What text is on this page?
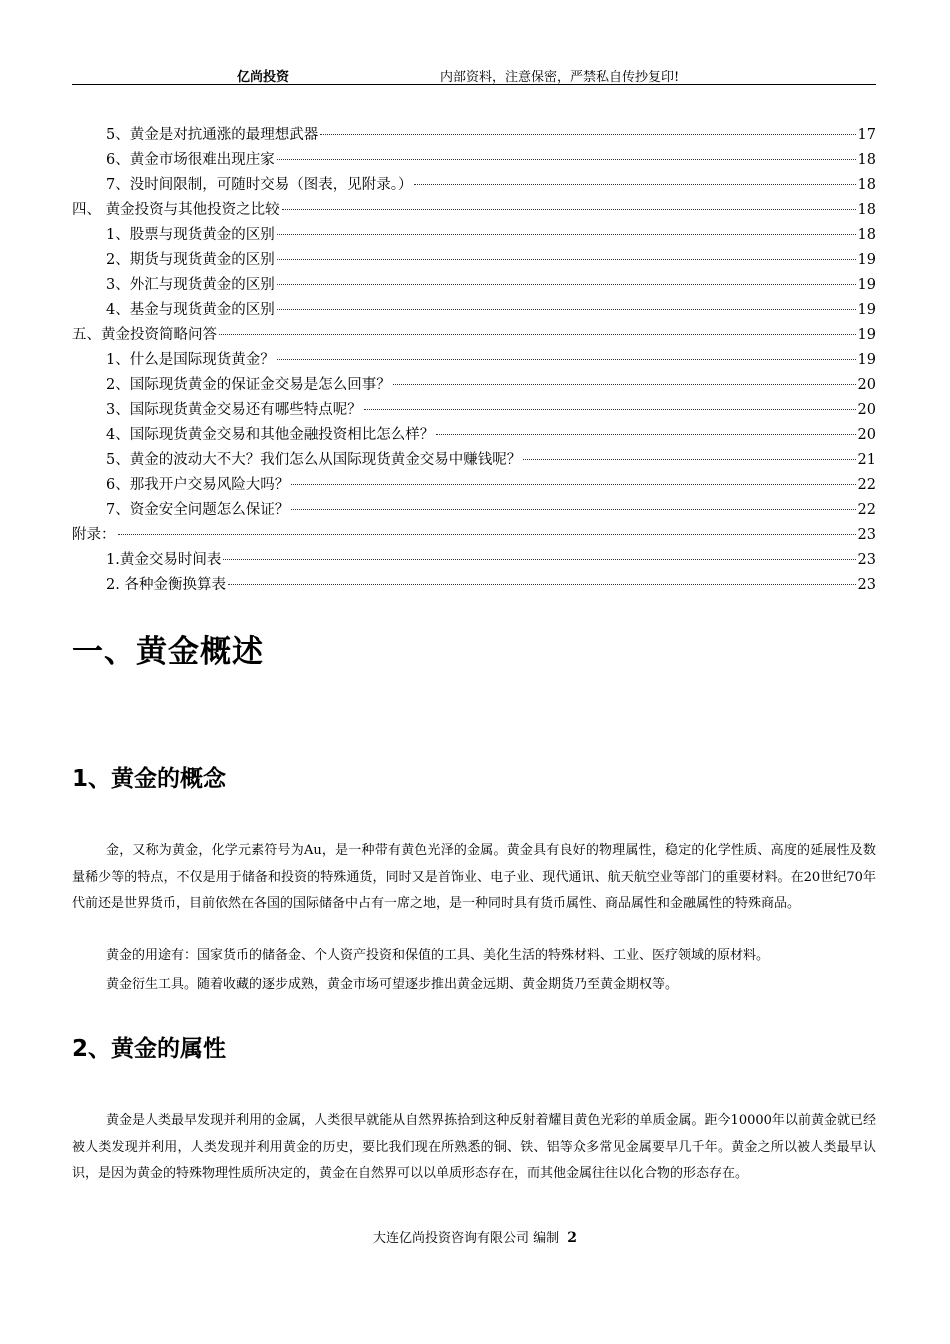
亿尚投资	内部资料，注意保密，严禁私自传抄复印!
5、黄金是对抗通涨的最理想武器	17
6、黄金市场很难出现庄家	18
7、没时间限制，可随时交易（图表，见附录。）	18
四、 黄金投资与其他投资之比较	18
1、股票与现货黄金的区别	18
2、期货与现货黄金的区别	19
3、外汇与现货黄金的区别	19
4、基金与现货黄金的区别	19
五、黄金投资简略问答	19
1、什么是国际现货黄金？	19
2、国际现货黄金的保证金交易是怎么回事？	20
3、国际现货黄金交易还有哪些特点呢？	20
4、国际现货黄金交易和其他金融投资相比怎么样？	20
5、黄金的波动大不大？我们怎么从国际现货黄金交易中赚钱呢？	21
6、那我开户交易风险大吗？	22
7、资金安全问题怎么保证？	22
附录：	23
1.黄金交易时间表	23
2. 各种金衡换算表	23
一、黄金概述
1、黄金的概念
金，又称为黄金，化学元素符号为Au，是一种带有黄色光泽的金属。黄金具有良好的物理属性，稳定的化学性质、高度的延展性及数量稀少等的特点，不仅是用于储备和投资的特殊通货，同时又是首饰业、电子业、现代通讯、航天航空业等部门的重要材料。在20世纪70年代前还是世界货币，目前依然在各国的国际储备中占有一席之地，是一种同时具有货币属性、商品属性和金融属性的特殊商品。
黄金的用途有：国家货币的储备金、个人资产投资和保值的工具、美化生活的特殊材料、工业、医疗领域的原材料。
黄金衍生工具。随着收藏的逐步成熟，黄金市场可望逐步推出黄金远期、黄金期货乃至黄金期权等。
2、黄金的属性
黄金是人类最早发现并利用的金属，人类很早就能从自然界拣拾到这种反射着耀目黄色光彩的单质金属。距今10000年以前黄金就已经被人类发现并利用，人类发现并利用黄金的历史，要比我们现在所熟悉的铜、铁、铝等众多常见金属要早几千年。黄金之所以被人类最早认识，是因为黄金的特殊物理性质所决定的，黄金在自然界可以以单质形态存在，而其他金属往往以化合物的形态存在。
大连亿尚投资咨询有限公司 编制 2
